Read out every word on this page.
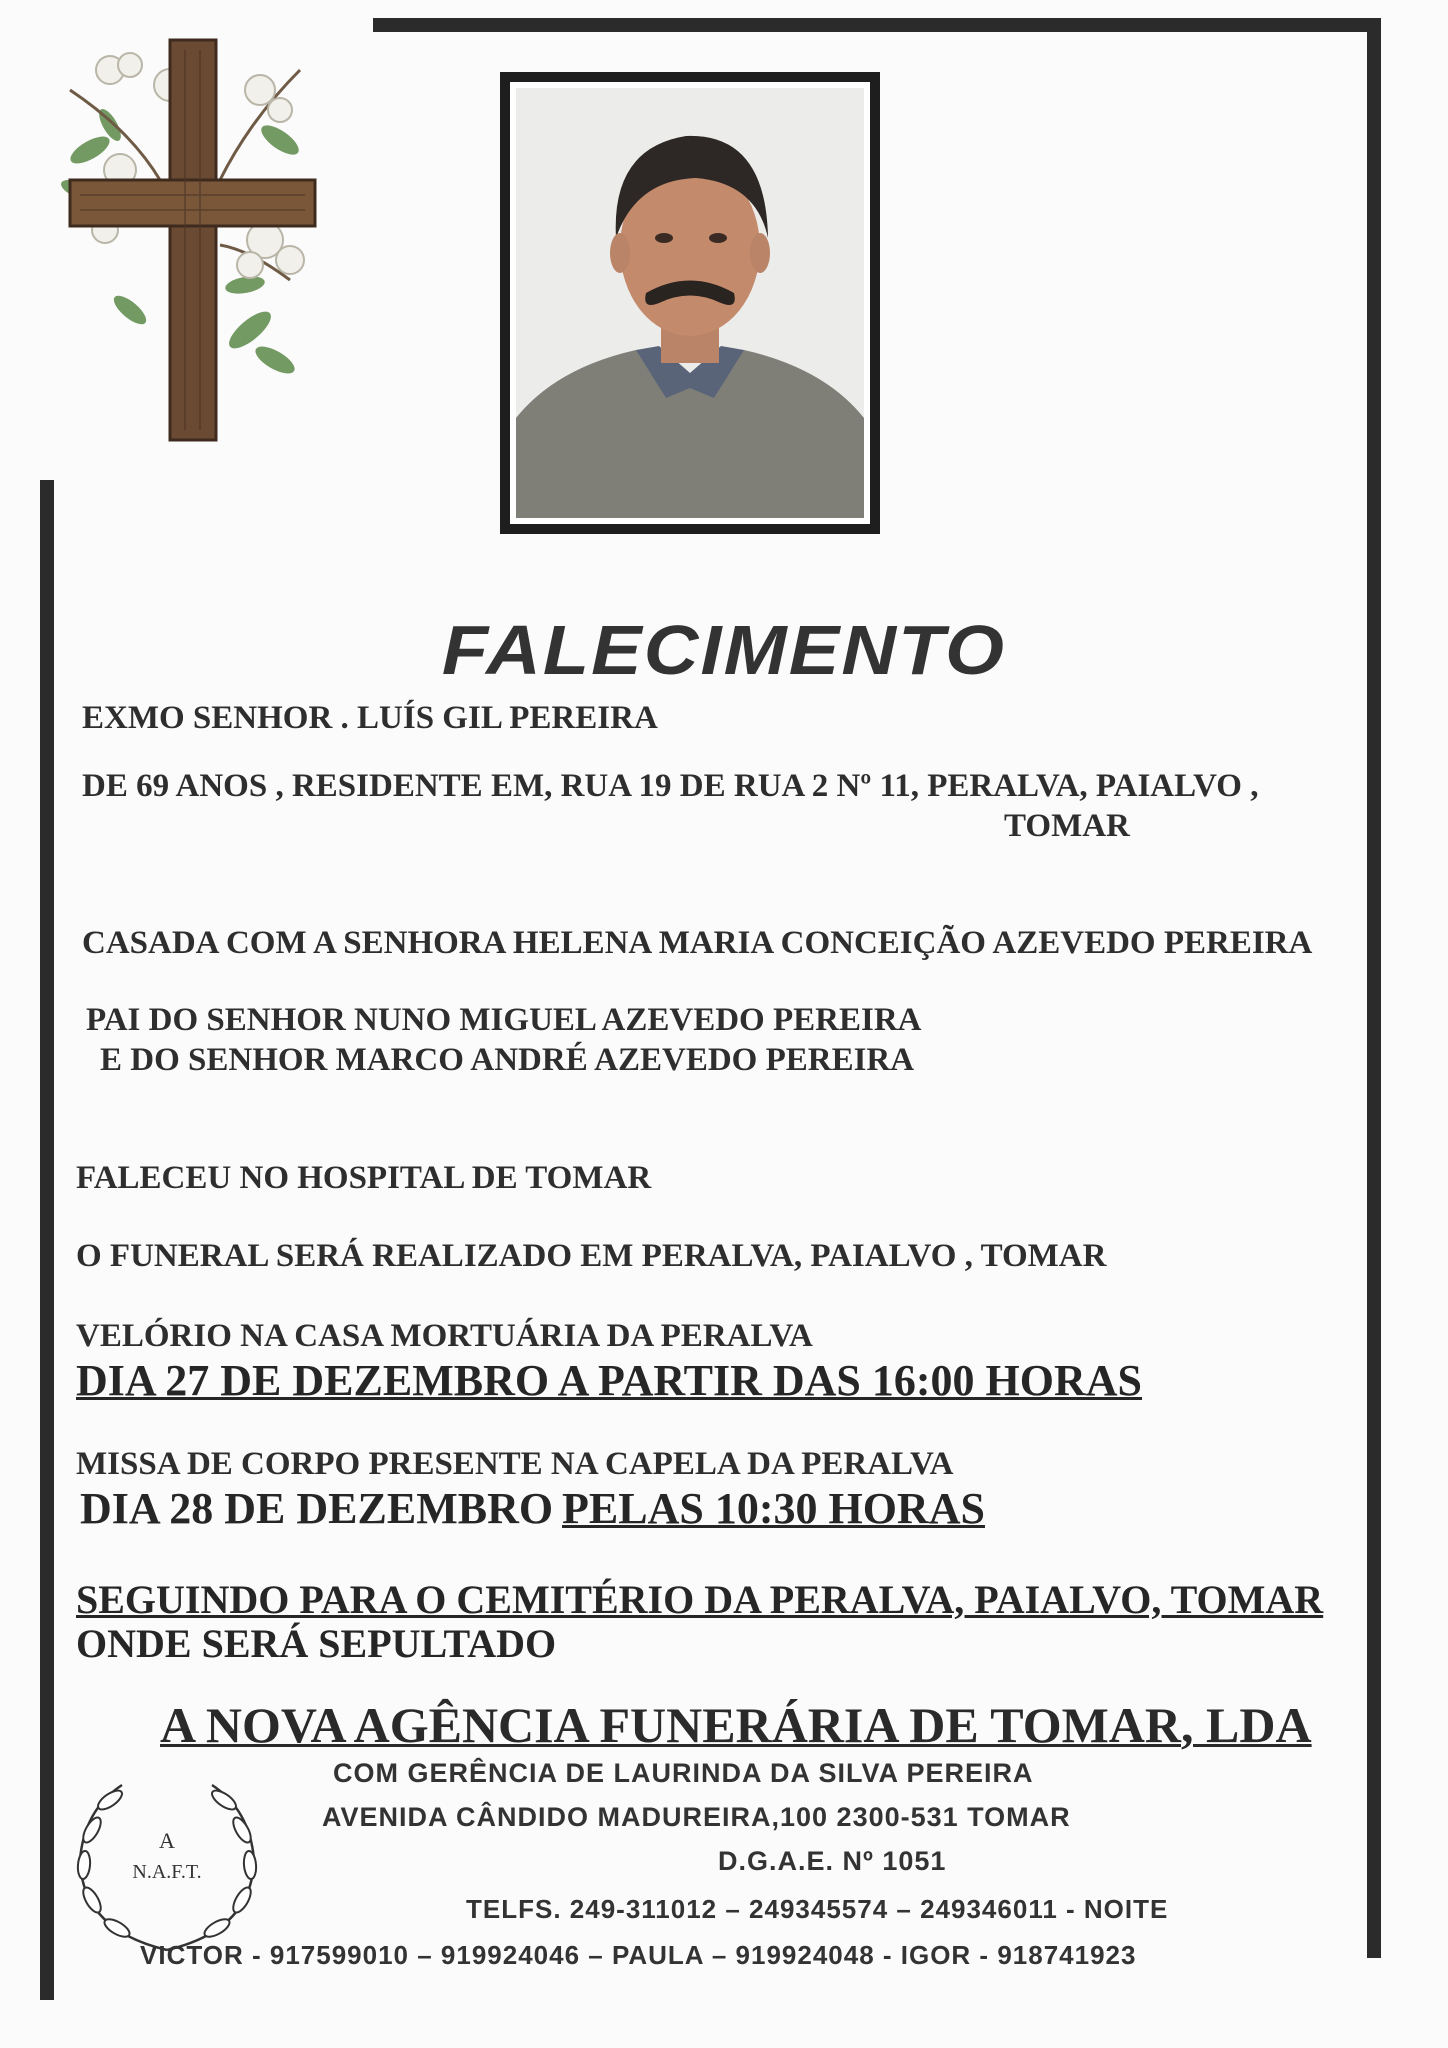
FALECIMENTO
EXMO SENHOR . LUÍS GIL PEREIRA
DE 69 ANOS , RESIDENTE EM, RUA 19 DE RUA 2 Nº 11, PERALVA, PAIALVO ,
TOMAR
CASADA COM A SENHORA HELENA MARIA CONCEIÇÃO AZEVEDO PEREIRA
PAI DO SENHOR NUNO MIGUEL AZEVEDO PEREIRA
E DO SENHOR MARCO ANDRÉ AZEVEDO PEREIRA
FALECEU NO HOSPITAL DE TOMAR
O FUNERAL SERÁ REALIZADO EM PERALVA, PAIALVO , TOMAR
VELÓRIO NA CASA MORTUÁRIA DA PERALVA
DIA 27 DE DEZEMBRO A PARTIR DAS 16:00 HORAS
MISSA DE CORPO PRESENTE NA CAPELA DA PERALVA
DIA 28 DE DEZEMBRO PELAS 10:30 HORAS
SEGUINDO PARA O CEMITÉRIO DA PERALVA, PAIALVO, TOMAR
ONDE SERÁ SEPULTADO
A NOVA AGÊNCIA FUNERÁRIA DE TOMAR, LDA
COM GERÊNCIA DE LAURINDA DA SILVA PEREIRA
AVENIDA CÂNDIDO MADUREIRA,100 2300-531 TOMAR
D.G.A.E. Nº 1051
TELFS. 249-311012 – 249345574 – 249346011 - NOITE
VICTOR - 917599010 – 919924046 – PAULA – 919924048 - IGOR - 918741923
A
N.A.F.T.
